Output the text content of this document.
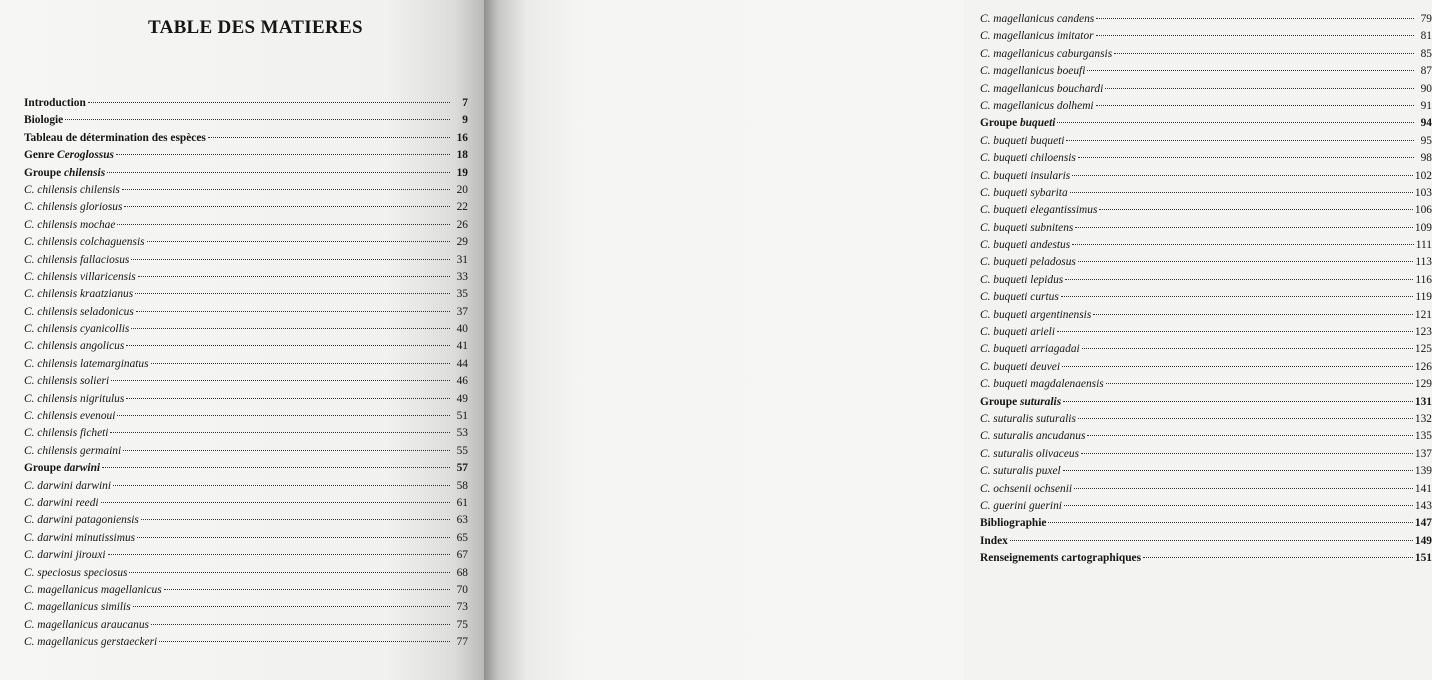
TABLE DES MATIERES
Introduction	7
Biologie	9
Tableau de détermination des espèces	16
Genre Ceroglossus	18
Groupe chilensis	19
C. chilensis chilensis	20
C. chilensis gloriosus	22
C. chilensis mochae	26
C. chilensis colchaguensis	29
C. chilensis fallaciosus	31
C. chilensis villaricensis	33
C. chilensis kraatzianus	35
C. chilensis seladonicus	37
C. chilensis cyanicollis	40
C. chilensis angolicus	41
C. chilensis latemarginatus	44
C. chilensis solieri	46
C. chilensis nigritulus	49
C. chilensis evenoui	51
C. chilensis ficheti	53
C. chilensis germaini	55
Groupe darwini	57
C. darwini darwini	58
C. darwini reedi	61
C. darwini patagoniensis	63
C. darwini minutissimus	65
C. darwini jirouxi	67
C. speciosus speciosus	68
C. magellanicus magellanicus	70
C. magellanicus similis	73
C. magellanicus araucanus	75
C. magellanicus gerstaeckeri	77
C. magellanicus candens	79
C. magellanicus imitator	81
C. magellanicus caburgansis	85
C. magellanicus boeufi	87
C. magellanicus bouchardi	90
C. magellanicus dolhemi	91
Groupe buqueti	94
C. buqueti buqueti	95
C. buqueti chiloensis	98
C. buqueti insularis	102
C. buqueti sybarita	103
C. buqueti elegantissimus	106
C. buqueti subnitens	109
C. buqueti andestus	111
C. buqueti peladosus	113
C. buqueti lepidus	116
C. buqueti curtus	119
C. buqueti argentinensis	121
C. buqueti arieli	123
C. buqueti arriagadai	125
C. buqueti deuvei	126
C. buqueti magdalenaensis	129
Groupe suturalis	131
C. suturalis suturalis	132
C. suturalis ancudanus	135
C. suturalis olivaceus	137
C. suturalis puxel	139
C. ochsenii ochsenii	141
C. guerini guerini	143
Bibliographie	147
Index	149
Renseignements cartographiques	151
